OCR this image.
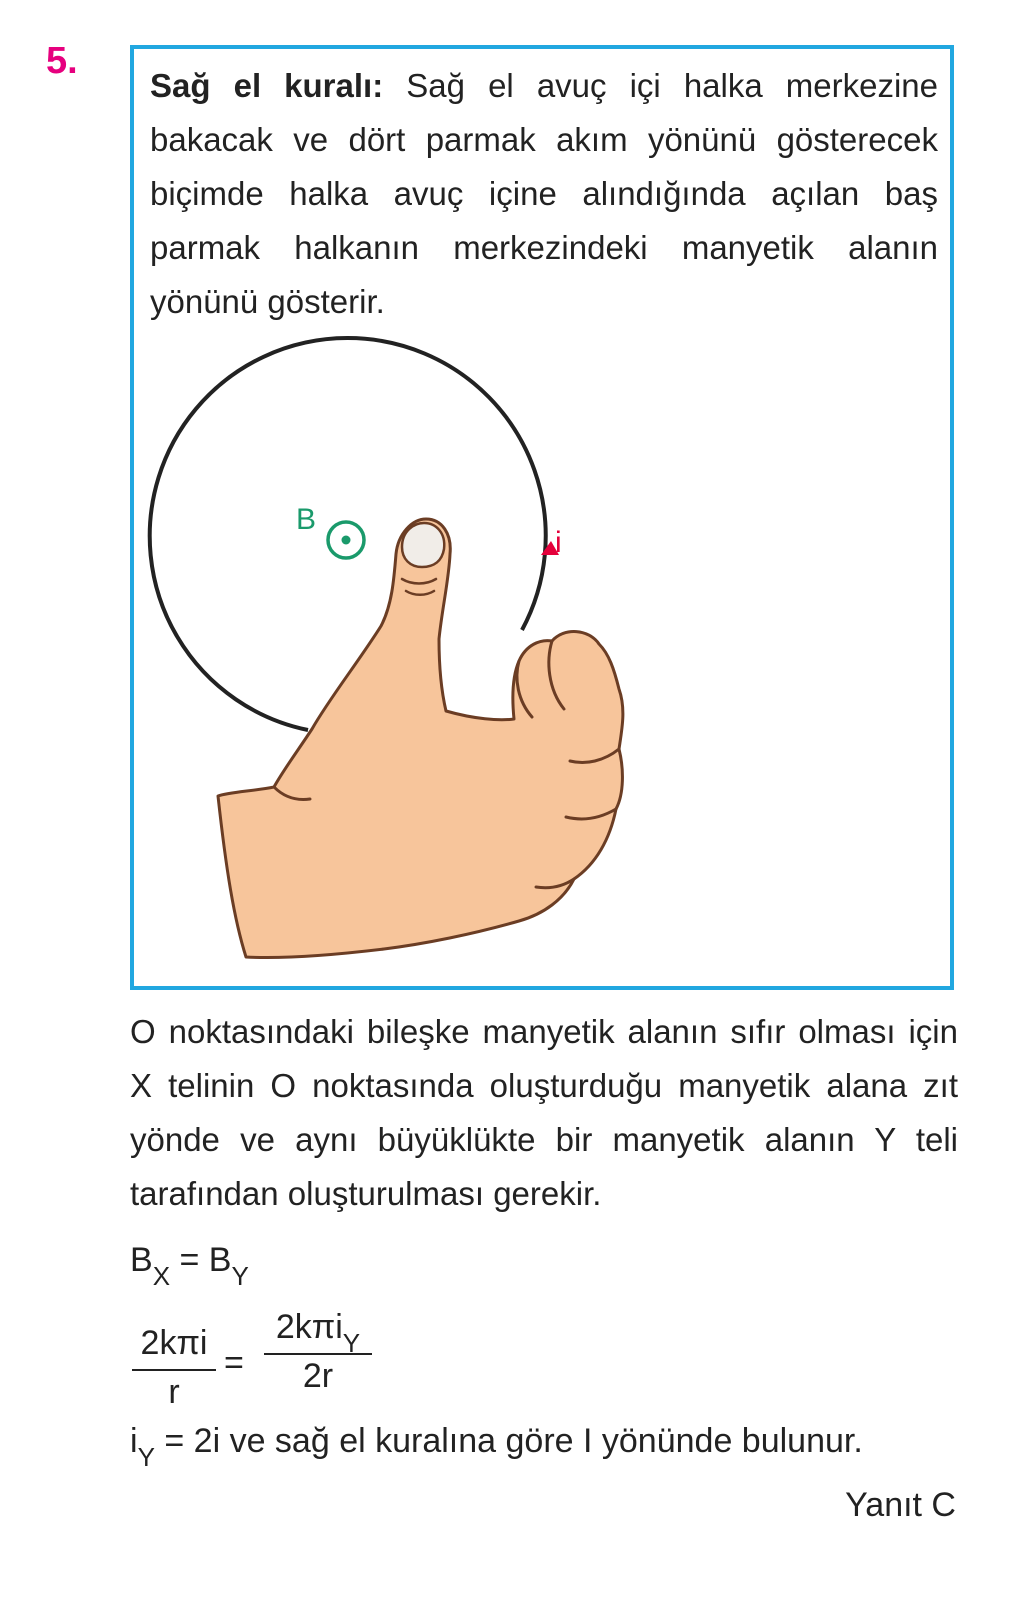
5.

Sağ el kuralı: Sağ el avuç içi halka merkezine bakacak ve dört parmak akım yönünü gösterecek biçimde halka avuç içine alındığında açılan baş parmak halkanın merkezindeki manyetik alanın yönünü gösterir.

B
i

O noktasındaki bileşke manyetik alanın sıfır olması için X telinin O noktasında oluşturduğu manyetik alana zıt yönde ve aynı büyüklükte bir manyetik alanın Y teli tarafından oluşturulması gerekir.

$B_X = B_Y$
2kπi
r
=
2kπi$_Y$
2r
$i_Y = 2i$ ve sağ el kuralına göre I yönünde bulunur.
Yanıt C
